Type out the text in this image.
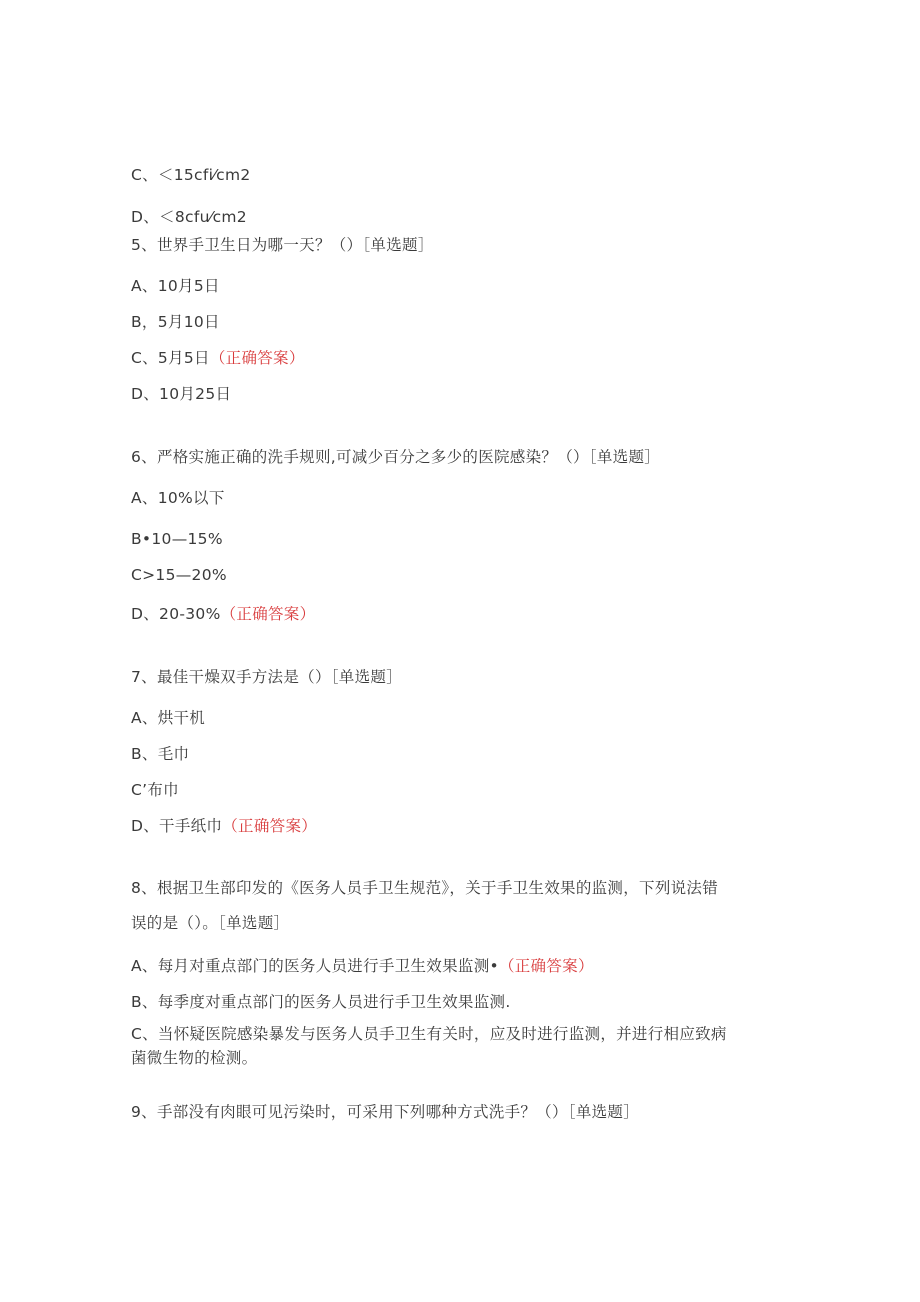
C、＜15cfi⁄cm2
D、＜8cfu⁄cm2
5、世界手卫生日为哪一天？（）［单选题］
A、10月5日
B，5月10日
C、5月5日（正确答案）
D、10月25日
6、严格实施正确的洗手规则,可减少百分之多少的医院感染？（）［单选题］
A、10%以下
B•10—15%
C>15—20%
D、20-30%（正确答案）
7、最佳干燥双手方法是（）［单选题］
A、烘干机
B、毛巾
C’布巾
D、干手纸巾（正确答案）
8、根据卫生部印发的《医务人员手卫生规范》，关于手卫生效果的监测，下列说法错
误的是（）。［单选题］
A、每月对重点部门的医务人员进行手卫生效果监测•（正确答案）
B、每季度对重点部门的医务人员进行手卫生效果监测.
C、当怀疑医院感染暴发与医务人员手卫生有关时，应及时进行监测，并进行相应致病
菌微生物的检测。
9、手部没有肉眼可见污染时，可采用下列哪种方式洗手？（）［单选题］
